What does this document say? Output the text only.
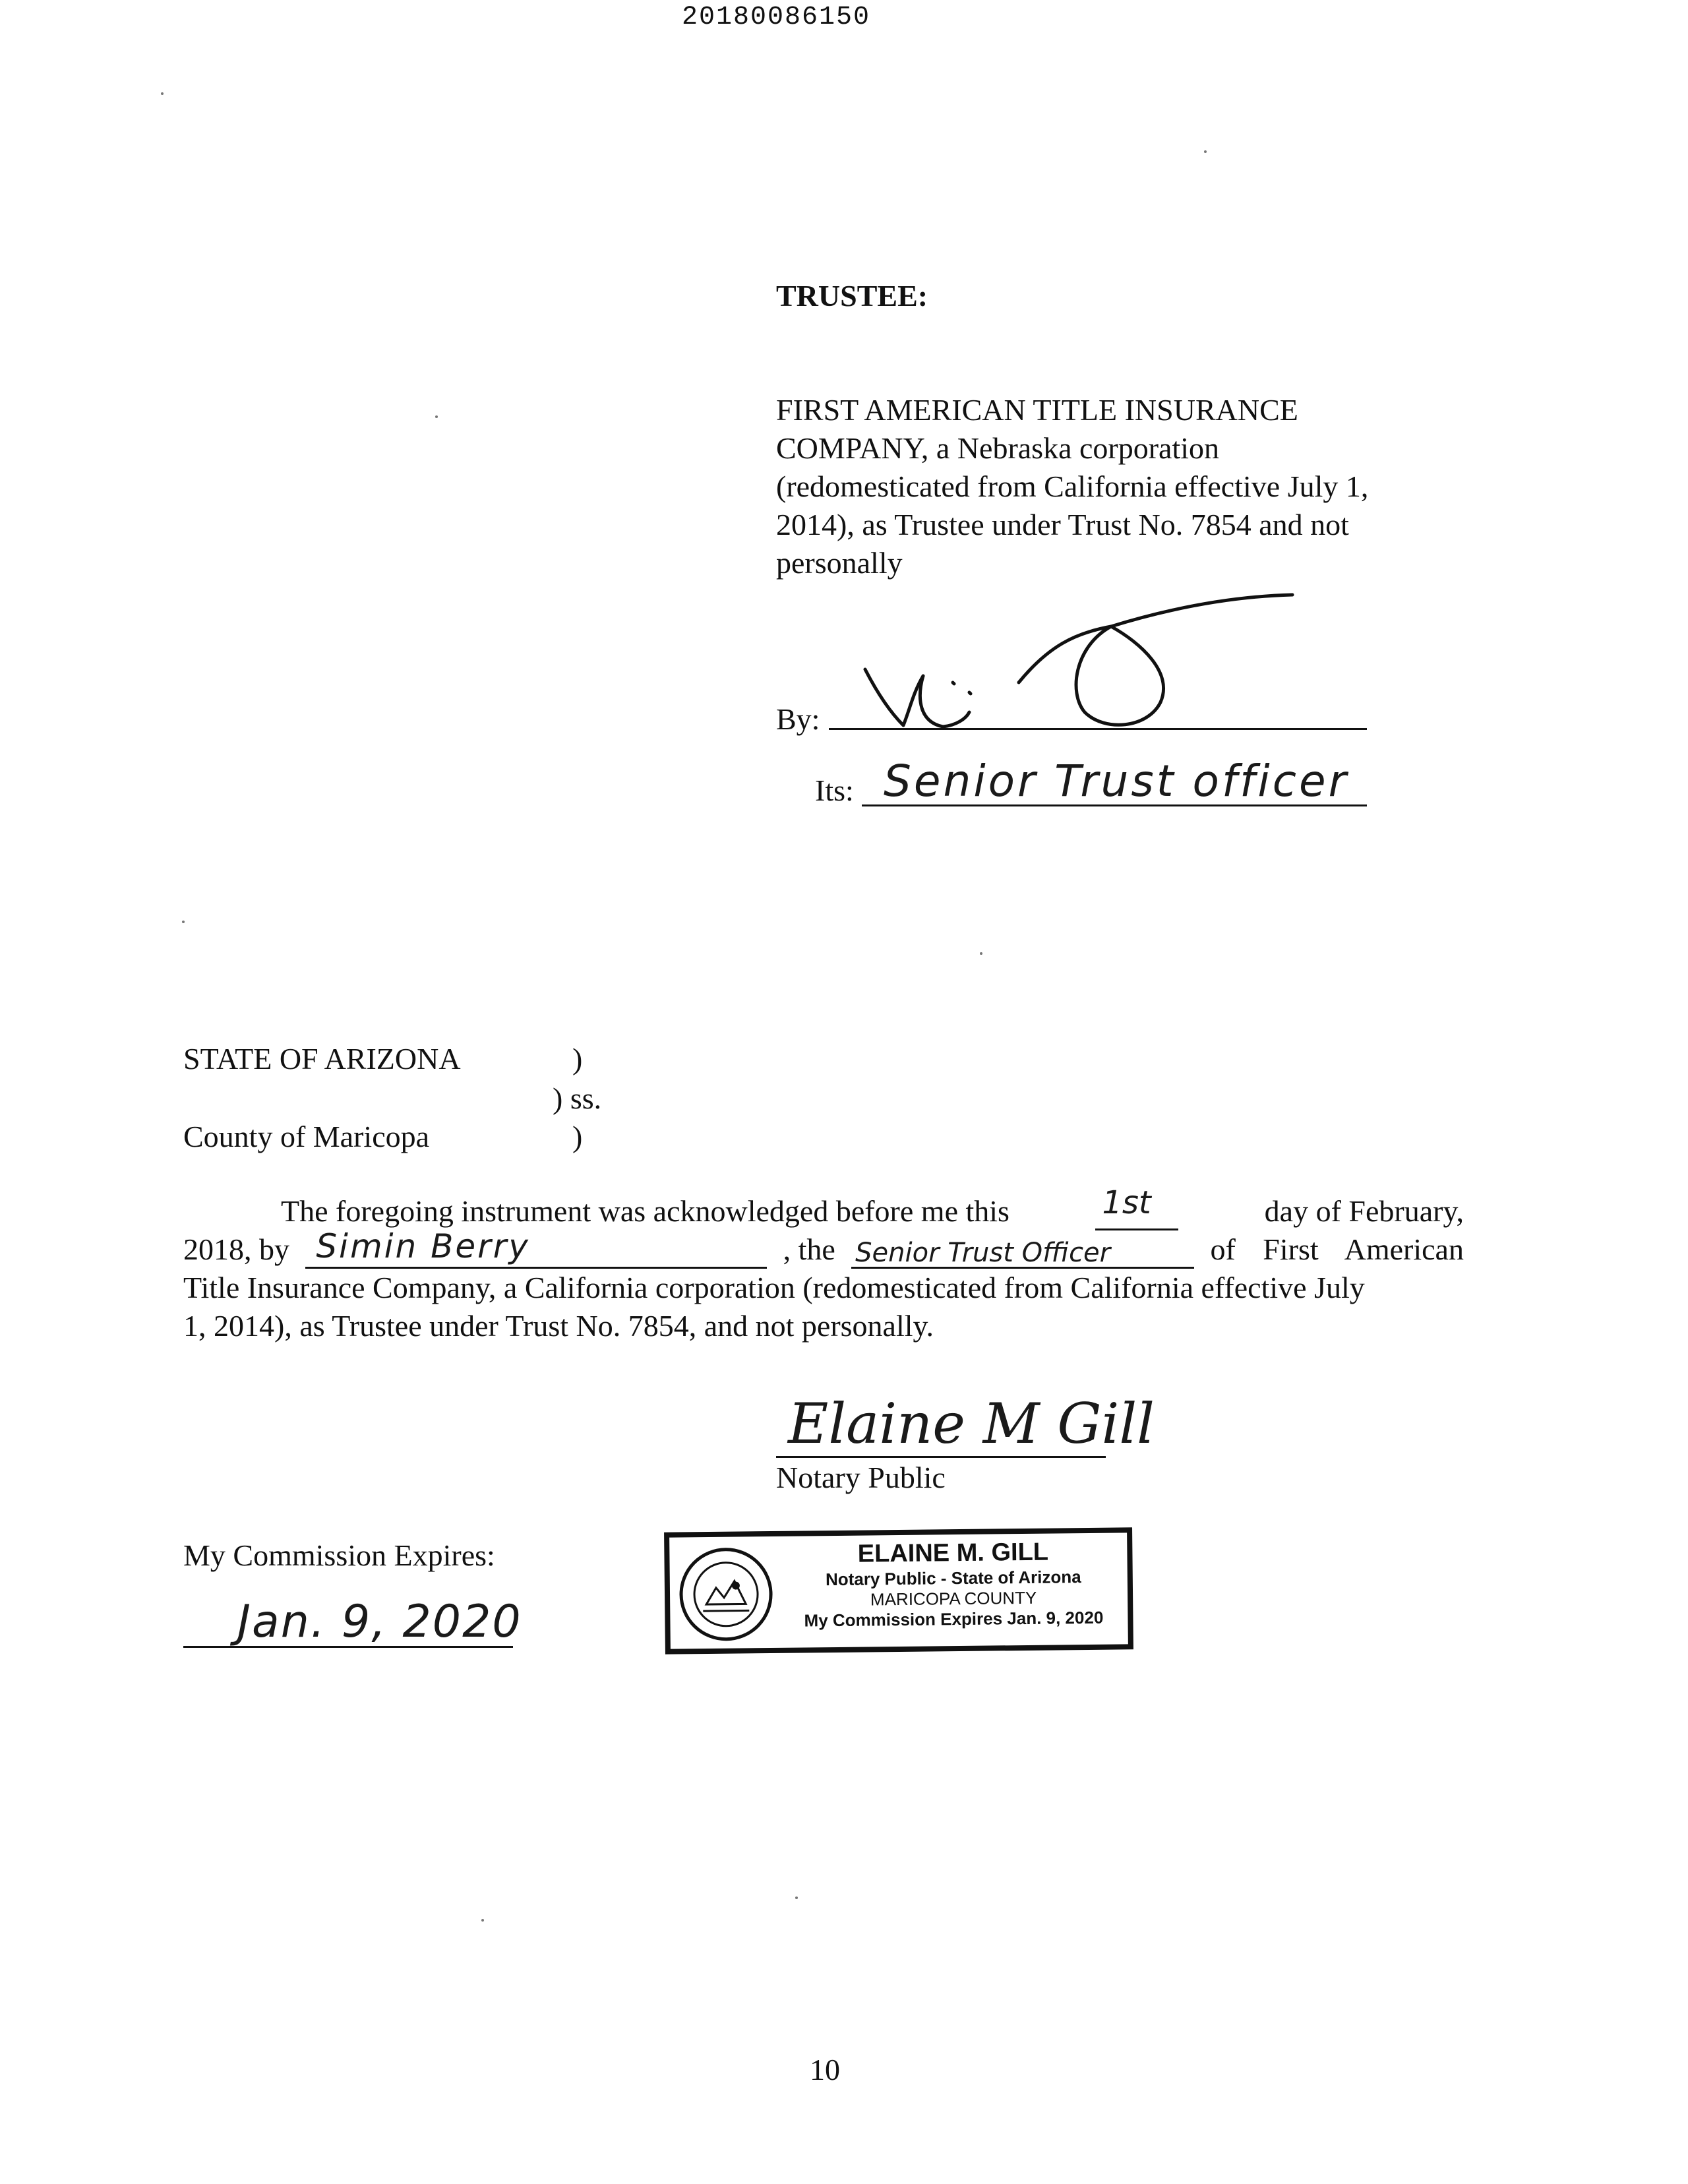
20180086150
TRUSTEE:
FIRST AMERICAN TITLE INSURANCE
COMPANY, a Nebraska corporation
(redomesticated from California effective July 1,
2014), as Trustee under Trust No. 7854 and not
personally
By:
Its: Senior Trust officer
STATE OF ARIZONA	)
) ss.
County of Maricopa	)
The foregoing instrument was acknowledged before me this	1st	day of February,
2018, by Simin Berry	, the Senior Trust Officer	of First American
Title Insurance Company, a California corporation (redomesticated from California effective July
1, 2014), as Trustee under Trust No. 7854, and not personally.
Elaine M Gill
Notary Public
My Commission Expires:
Jan. 9, 2020
ELAINE M. GILL
Notary Public - State of Arizona
MARICOPA COUNTY
My Commission Expires Jan. 9, 2020
10
